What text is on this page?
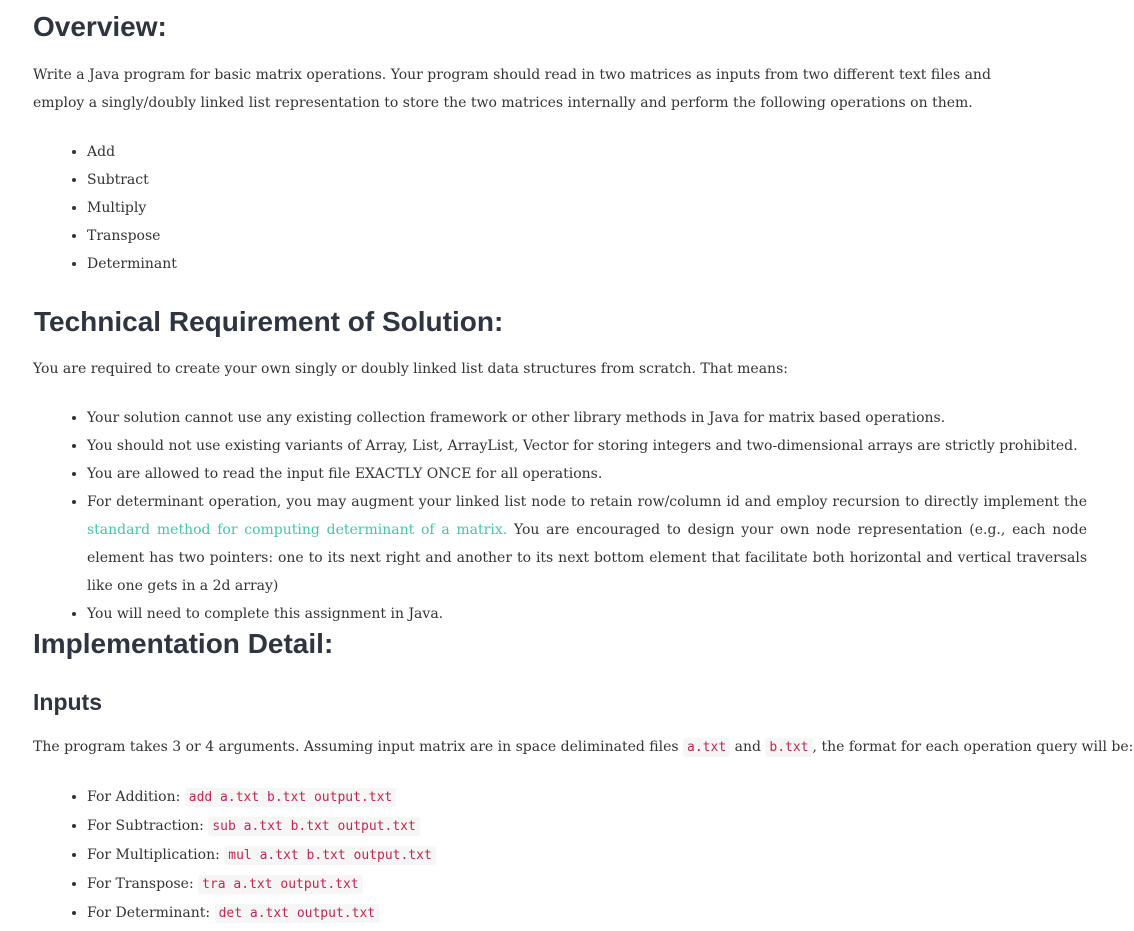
Overview:

Write a Java program for basic matrix operations. Your program should read in two matrices as inputs from two different text files and employ a singly/doubly linked list representation to store the two matrices internally and perform the following operations on them.

• Add
• Subtract
• Multiply
• Transpose
• Determinant
Technical Requirement of Solution:

You are required to create your own singly or doubly linked list data structures from scratch. That means:

• Your solution cannot use any existing collection framework or other library methods in Java for matrix based operations.
• You should not use existing variants of Array, List, ArrayList, Vector for storing integers and two-dimensional arrays are strictly prohibited.
• You are allowed to read the input file EXACTLY ONCE for all operations.
• For determinant operation, you may augment your linked list node to retain row/column id and employ recursion to directly implement the standard method for computing determinant of a matrix. You are encouraged to design your own node representation (e.g., each node element has two pointers: one to its next right and another to its next bottom element that facilitate both horizontal and vertical traversals like one gets in a 2d array)
• You will need to complete this assignment in Java.
Implementation Detail:
Inputs

The program takes 3 or 4 arguments. Assuming input matrix are in space deliminated files a.txt and b.txt , the format for each operation query will be:

• For Addition: add a.txt b.txt output.txt
• For Subtraction: sub a.txt b.txt output.txt
• For Multiplication: mul a.txt b.txt output.txt
• For Transpose: tra a.txt output.txt
• For Determinant: det a.txt output.txt
